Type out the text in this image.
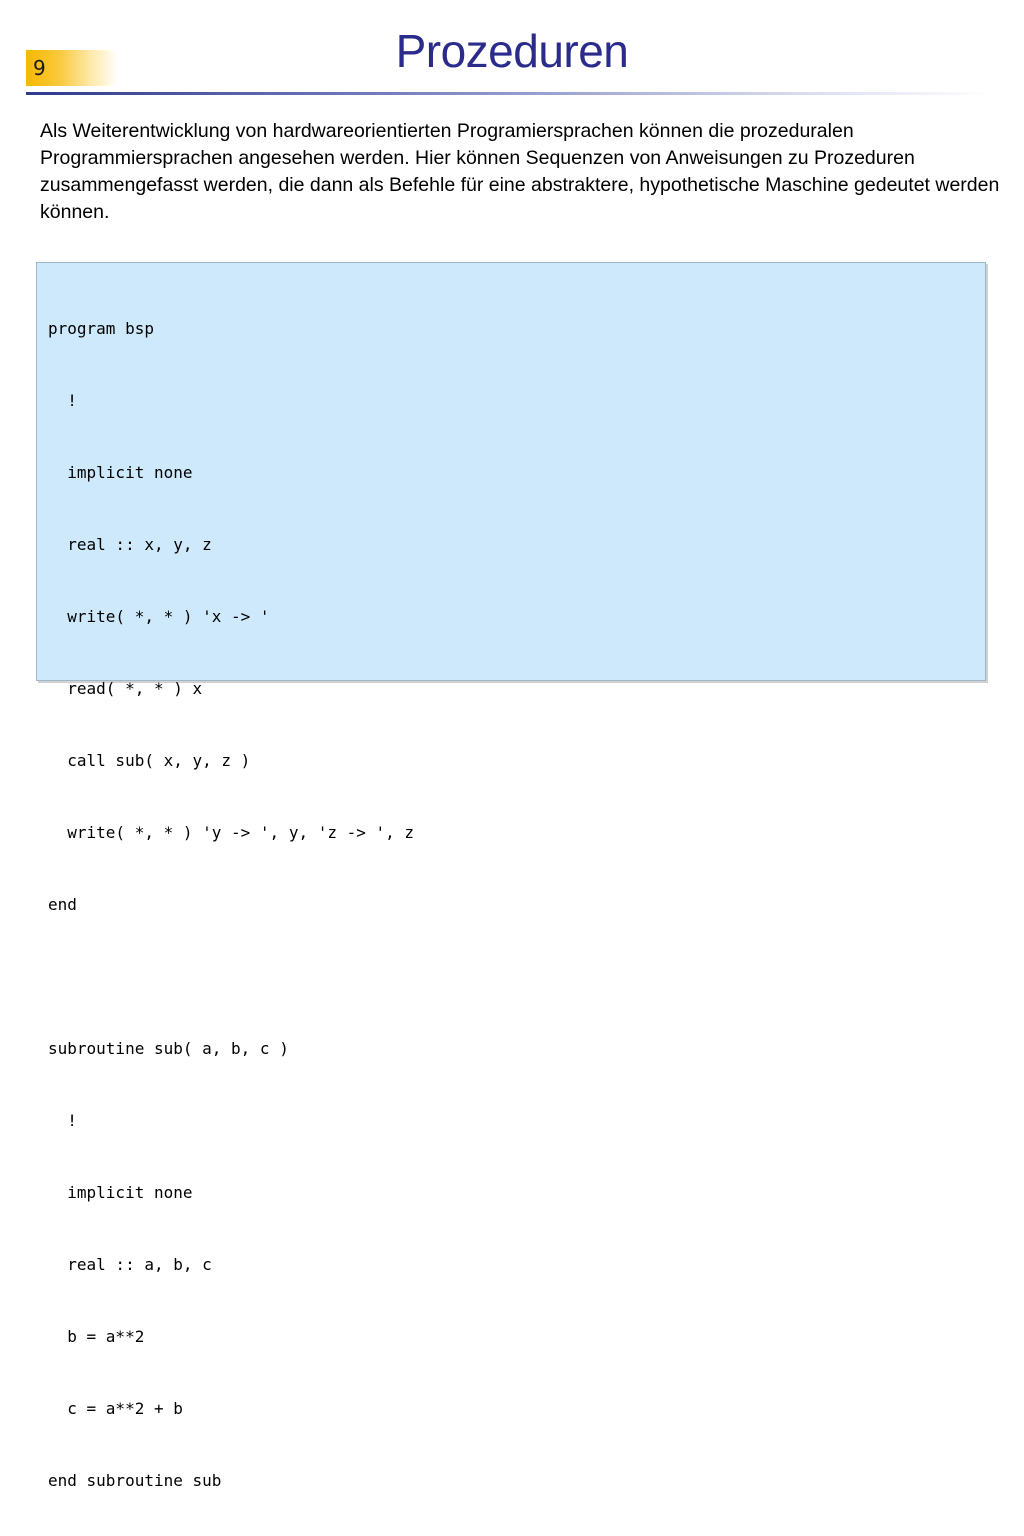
9	Prozeduren
Als Weiterentwicklung von hardwareorientierten Programiersprachen können die prozeduralen Programmiersprachen angesehen werden. Hier können Sequenzen von Anweisungen zu Prozeduren zusammengefasst werden, die dann als Befehle für eine abstraktere, hypothetische Maschine gedeutet werden können.

program bsp

!

implicit none

real :: x, y, z

write( *, * ) 'x -> '

read( *, * ) x

call sub( x, y, z )

write( *, * ) 'y -> ', y, 'z -> ', z

end

subroutine sub( a, b, c )

!

implicit none

real :: a, b, c

b = a**2

c = a**2 + b

end subroutine sub
